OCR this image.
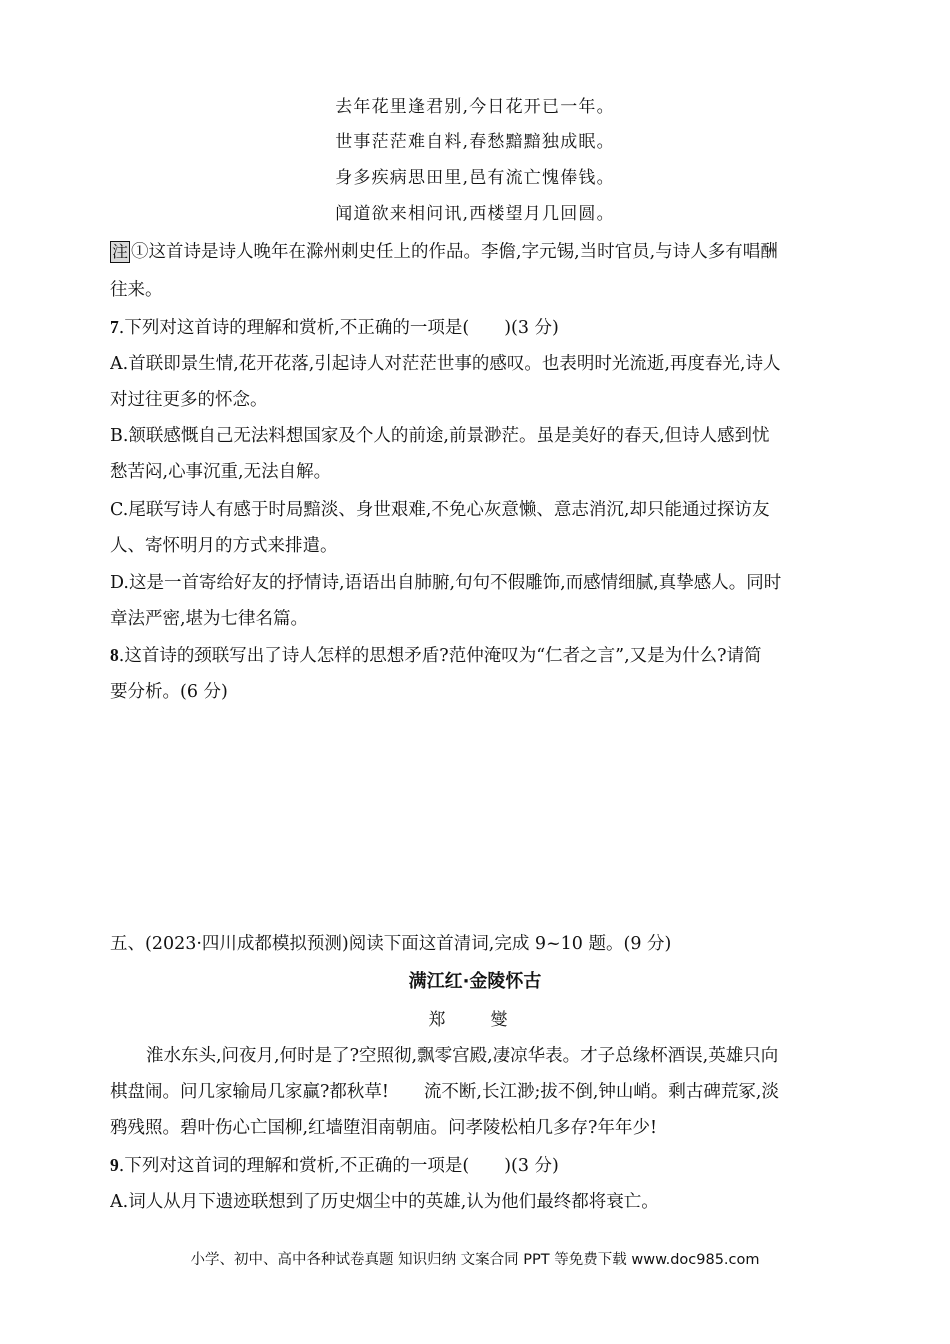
去年花里逢君别,今日花开已一年。
世事茫茫难自料,春愁黯黯独成眠。
身多疾病思田里,邑有流亡愧俸钱。
闻道欲来相问讯,西楼望月几回圆。
注 ①这首诗是诗人晚年在滁州刺史任上的作品。李儋,字元锡,当时官员,与诗人多有唱酬
往来。
7.下列对这首诗的理解和赏析,不正确的一项是(　　)(3 分)
A.首联即景生情,花开花落,引起诗人对茫茫世事的感叹。也表明时光流逝,再度春光,诗人
对过往更多的怀念。
B.颔联感慨自己无法料想国家及个人的前途,前景渺茫。虽是美好的春天,但诗人感到忧
愁苦闷,心事沉重,无法自解。
C.尾联写诗人有感于时局黯淡、身世艰难,不免心灰意懒、意志消沉,却只能通过探访友
人、寄怀明月的方式来排遣。
D.这是一首寄给好友的抒情诗,语语出自肺腑,句句不假雕饰,而感情细腻,真挚感人。同时
章法严密,堪为七律名篇。
8.这首诗的颈联写出了诗人怎样的思想矛盾?范仲淹叹为“仁者之言”,又是为什么?请简
要分析。(6 分)
五、(2023·四川成都模拟预测)阅读下面这首清词,完成 9~10 题。(9 分)
满江红·金陵怀古
郑　燮
淮水东头,问夜月,何时是了?空照彻,飘零宫殿,凄凉华表。才子总缘杯酒误,英雄只向
棋盘闹。问几家输局几家赢?都秋草!　　流不断,长江渺;拔不倒,钟山峭。剩古碑荒冢,淡
鸦残照。碧叶伤心亡国柳,红墙堕泪南朝庙。问孝陵松柏几多存?年年少!
9.下列对这首词的理解和赏析,不正确的一项是(　　)(3 分)
A.词人从月下遗迹联想到了历史烟尘中的英雄,认为他们最终都将衰亡。
小学、初中、高中各种试卷真题 知识归纳 文案合同 PPT 等免费下载 www.doc985.com
